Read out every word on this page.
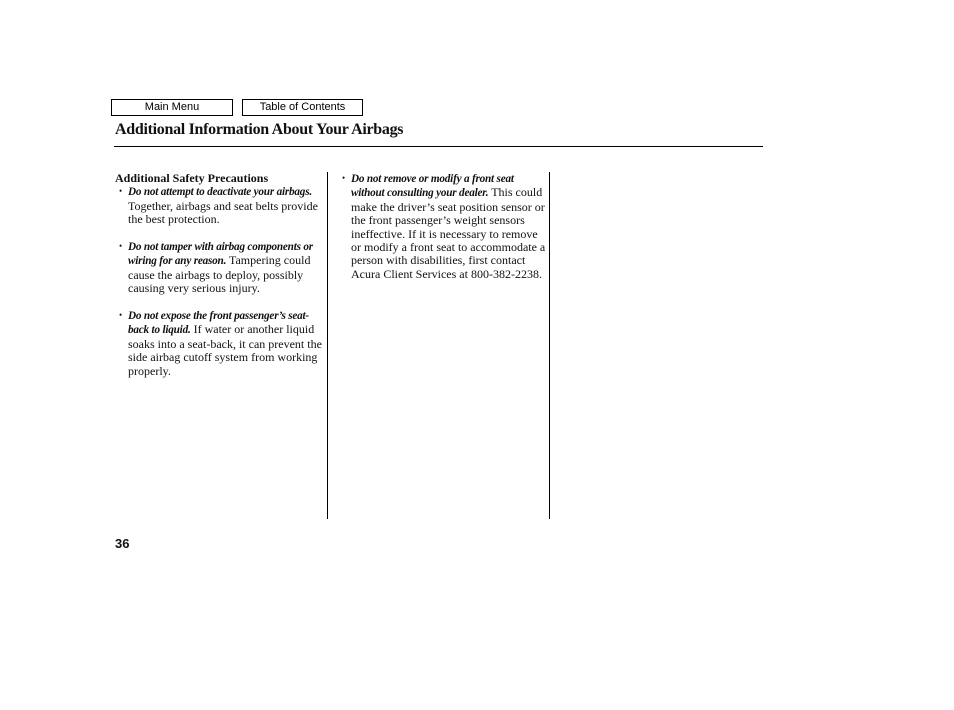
Main Menu	Table of Contents
Additional Information About Your Airbags
Additional Safety Precautions

• Do not attempt to deactivate your airbags. Together, airbags and seat belts provide the best protection.

• Do not tamper with airbag components or wiring for any reason. Tampering could cause the airbags to deploy, possibly causing very serious injury.

• Do not expose the front passenger’s seat-back to liquid. If water or another liquid soaks into a seat-back, it can prevent the side airbag cutoff system from working properly.

• Do not remove or modify a front seat without consulting your dealer. This could make the driver’s seat position sensor or the front passenger’s weight sensors ineffective. If it is necessary to remove or modify a front seat to accommodate a person with disabilities, first contact Acura Client Services at 800-382-2238.

36
